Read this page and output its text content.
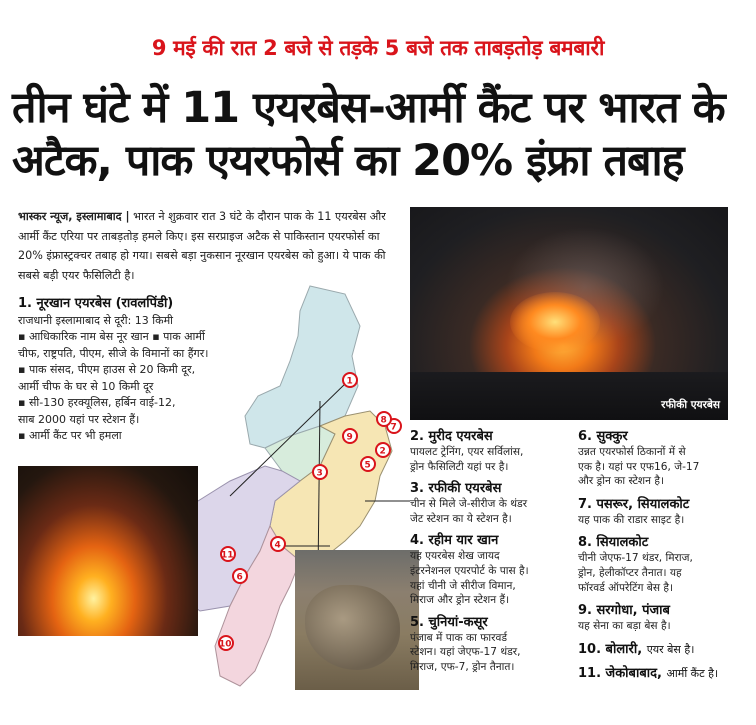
9 मई की रात 2 बजे से तड़के 5 बजे तक ताबड़तोड़ बमबारी
तीन घंटे में 11 एयरबेस-आर्मी कैंट पर भारत के
अटैक, पाक एयरफोर्स का 20% इंफ्रा तबाह
भास्कर न्यूज, इस्लामाबाद | भारत ने शुक्रवार रात 3 घंटे के दौरान पाक के 11 एयरबेस और आर्मी कैंट एरिया पर ताबड़तोड़ हमले किए। इस सरप्राइज अटैक से पाकिस्तान एयरफोर्स का 20% इंफ्रास्ट्रक्चर तबाह हो गया। सबसे बड़ा नुकसान नूरखान एयरबेस को हुआ। ये पाक की सबसे बड़ी एयर फैसिलिटी है।
रफीकी एयरबेस
1
2
3
4
5
6
7
8
9
10
11
1. नूरखान एयरबेस (रावलपिंडी)
राजधानी इस्लामाबाद से दूरी: 13 किमी
▪ आधिकारिक नाम बेस नूर खान ▪ पाक आर्मी
चीफ, राष्ट्रपति, पीएम, सीजे के विमानों का हैंगर।
▪ पाक संसद, पीएम हाउस से 20 किमी दूर,
आर्मी चीफ के घर से 10 किमी दूर
▪ सी-130 हरक्यूलिस, हर्बिन वाई-12,
साब 2000 यहां पर स्टेशन हैं।
▪ आर्मी कैंट पर भी हमला	2. मुरीद एयरबेस
पायलट ट्रेनिंग, एयर सर्विलांस,
ड्रोन फैसिलिटी यहां पर है।
3. रफीकी एयरबेस
चीन से मिले जे-सीरीज के थंडर
जेट स्टेशन का ये स्टेशन है।
4. रहीम यार खान
यह एयरबेस शेख जायद
इंटरनेशनल एयरपोर्ट के पास है।
यहां चीनी जे सीरीज विमान,
मिराज और ड्रोन स्टेशन हैं।
5. चुनियां-कसूर
पंजाब में पाक का फारवर्ड
स्टेशन। यहां जेएफ-17 थंडर,
मिराज, एफ-7, ड्रोन तैनात।
6. सुक्कुर
उन्नत एयरफोर्स ठिकानों में से
एक है। यहां पर एफ16, जे-17
और ड्रोन का स्टेशन है।
7. पसरूर, सियालकोट
यह पाक की राडार साइट है।
8. सियालकोट
चीनी जेएफ-17 थंडर, मिराज,
ड्रोन, हेलीकॉप्टर तैनात। यह
फॉरवर्ड ऑपरेटिंग बेस है।
9. सरगोधा, पंजाब
यह सेना का बड़ा बेस है।
10. बोलारी, एयर बेस है।
11. जेकोबाबाद, आर्मी कैंट है।
